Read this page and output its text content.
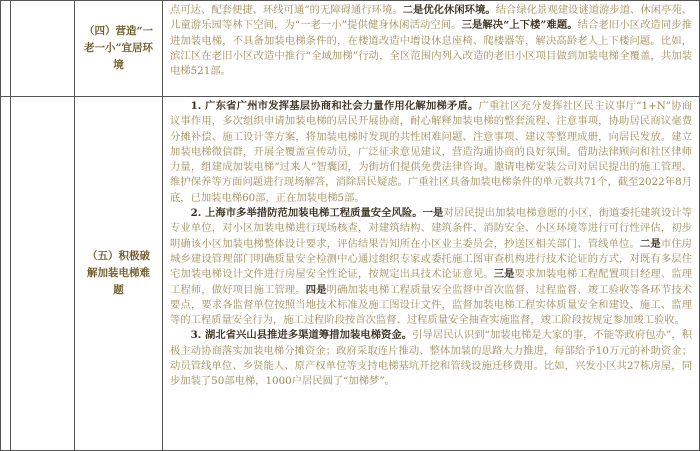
		（四）营造“一老一小”宜居环境	点可达、配套便捷、环线可通”的无障碍通行环境。二是优化休闲环境。结合绿化景观建设谜道游步道、休闲亭苑、儿童游乐园等林下空间，为“一老一小”提供健身休闲活动空间。三是解决“上下楼”难题。结合老旧小区改造同步推进加装电梯，不具备加装电梯条件的，在楼道改造中增设休息座椅、爬楼器等，解决高龄老人上下楼问题。比如，滨江区在老旧小区改造中推行“全域加梯”行动，全区范围内列入改造的老旧小区项目做到加装电梯全覆盖，共加装电梯521部。

		（五）积极破解加装电梯难题	1. 广东省广州市发挥基层协商和社会力量作用化解加梯矛盾。广重社区充分发挥社区民主议事厅“1+N”协商议事作用，多次组织申请加装电梯的居民开展协商，耐心解释加装电梯的整套流程、注意事项，协助居民商议毫费分摊补偿、施工设计等方案，将加装电梯时发现的共性困难问题、注意事项、建议等整理成册，向居民发放。建立加装电梯微信群，开展全覆盖宣传动员，广泛征求意见建议，营造沟通协商的良好氛围。借助法律顾问和社区律师力量，组建成加装电梯“过来人”智囊团，为街坊们提供免费法律咨询。邀请电梯安装公司对居民提出的施工管理、维护保养等方面问题进行现场解答，消除居民疑虑。广重社区具备加装电梯条件的单元数共71个，截至2022年8月底，已加装电梯60部，正在加装电梯5部。

2. 上海市多举措防范加装电梯工程质量安全风险。一是对居民提出加装电梯意愿的小区，街道委托建筑设计等专业单位，对小区加装电梯进行现场核查，对建筑结构、建筑条件、消防安全、小区环境等进行可行性评估，初步明确该小区加装电梯整体设计要求，评估结果告知所在小区业主委员会，抄送区相关部门、管线单位。二是市住房城乡建设管理部门明确质量安全检测中心通过组织专家或委托施工图审查机构进行技术论证的方式，对既有多层住宅加装电梯设计文件进行房屋安全性论证，按规定出具技术论证意见。三是要求加装电梯工程配置项目经理、监理工程师，做好项目施工管理。四是明确加装电梯工程质量安全监督中首次监督、过程监督、竣工验收等各环节技术要点，要求各监督单位按照当地技术标准及施工图设计文件，监督加装电梯工程实体质量安全和建设、施工、监理等的工程质量安全行为，施工过程阶段按首次监督、过程质量安全抽查实施监督，竣工阶段按规定参加竣工验收。

3. 湖北省兴山县推进多渠道筹措加装电梯资金。引导居民认识到“加装电梯是大家的事，不能等政府包办”，积极主动协商落实加装电梯分摊资金；政府采取连片推动、整体加装的思路大力推进，每部给予10万元的补助资金；动员管线单位、乡贤能人、原产权单位等支持电梯基坑开挖和管线设施迁移费用。比如，兴发小区共27栋房屋，同步加装了50部电梯，1000户居民圆了“加梯梦”。
